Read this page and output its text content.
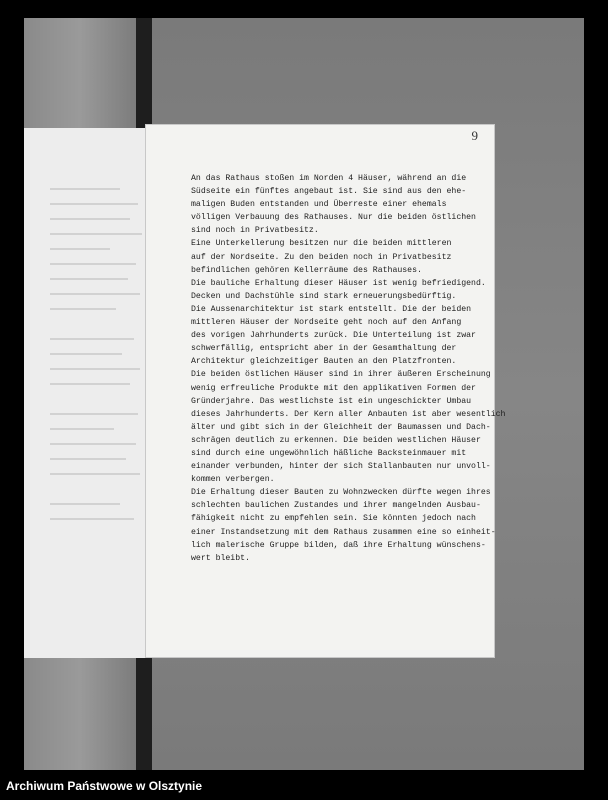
9
An das Rathaus stoßen im Norden 4 Häuser, während an die
Südseite ein fünftes angebaut ist. Sie sind aus den ehe-
maligen Buden entstanden und Überreste einer ehemals
völligen Verbauung des Rathauses. Nur die beiden östlichen
sind noch in Privatbesitz.
Eine Unterkellerung besitzen nur die beiden mittleren
auf der Nordseite. Zu den beiden noch in Privatbesitz
befindlichen gehören Kellerräume des Rathauses.
Die bauliche Erhaltung dieser Häuser ist wenig befriedigend.
Decken und Dachstühle sind stark erneuerungsbedürftig.
Die Aussenarchitektur ist stark entstellt. Die der beiden
mittleren Häuser der Nordseite geht noch auf den Anfang
des vorigen Jahrhunderts zurück. Die Unterteilung ist zwar
schwerfällig, entspricht aber in der Gesamthaltung der
Architektur gleichzeitiger Bauten an den Platzfronten.
Die beiden östlichen Häuser sind in ihrer äußeren Erscheinung
wenig erfreuliche Produkte mit den applikativen Formen der
Gründerjahre. Das westlichste ist ein ungeschickter Umbau
dieses Jahrhunderts. Der Kern aller Anbauten ist aber wesentlich
älter und gibt sich in der Gleichheit der Baumassen und Dach-
schrägen deutlich zu erkennen. Die beiden westlichen Häuser
sind durch eine ungewöhnlich häßliche Backsteinmauer mit
einander verbunden, hinter der sich Stallanbauten nur unvoll-
kommen verbergen.
Die Erhaltung dieser Bauten zu Wohnzwecken dürfte wegen ihres
schlechten baulichen Zustandes und ihrer mangelnden Ausbau-
fähigkeit nicht zu empfehlen sein. Sie könnten jedoch nach
einer Instandsetzung mit dem Rathaus zusammen eine so einheit-
lich malerische Gruppe bilden, daß ihre Erhaltung wünschens-
wert bleibt.
Archiwum Państwowe w Olsztynie
